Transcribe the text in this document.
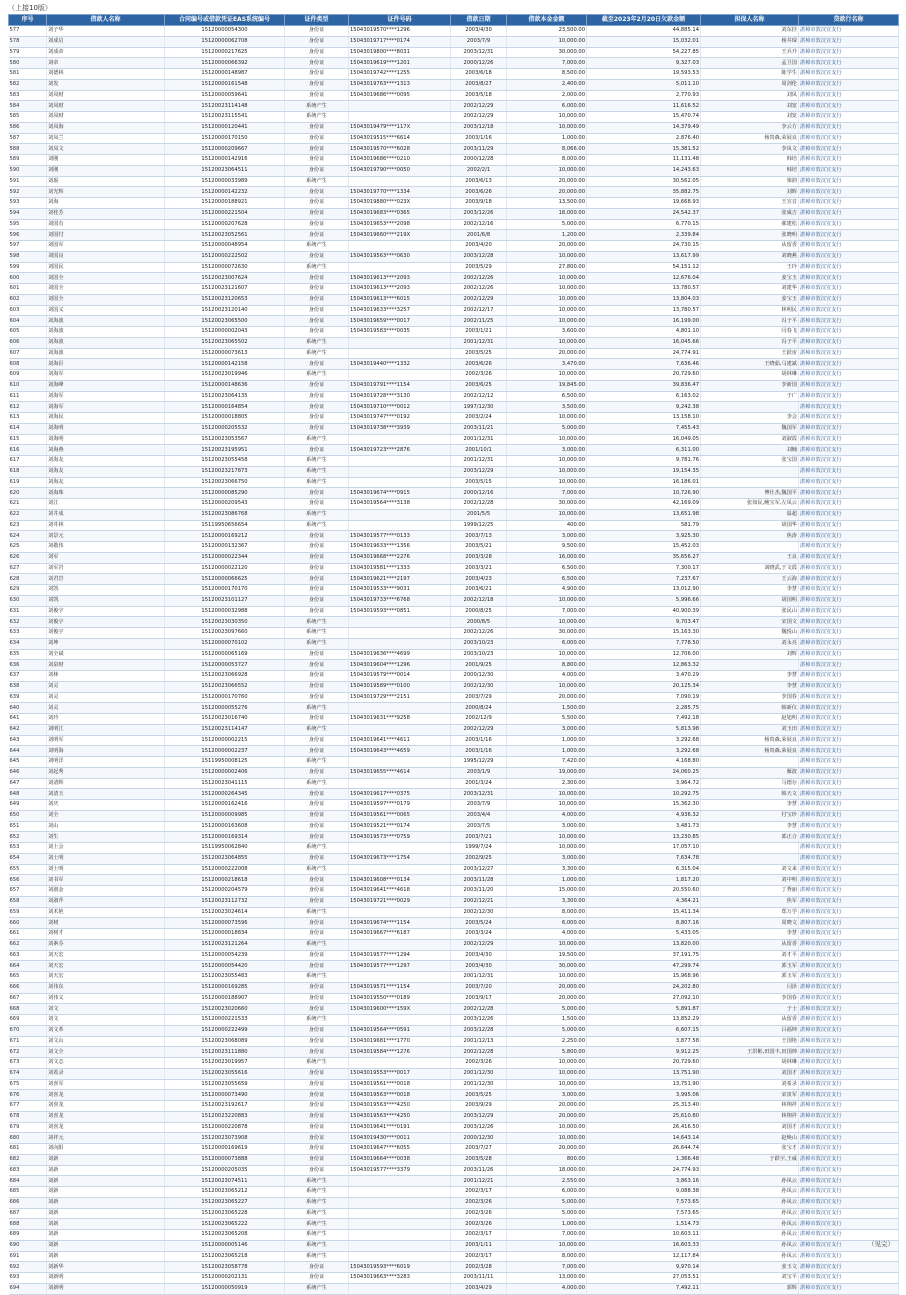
（上接10版）
序号	借款人名称	合同编号或借款凭证EAS系统编号	证件类型	证件号码	借款日期	借款本金金额	截至2023年2月20日欠款金额	担保人名称	贷款行名称
577	刘子华	15120000054300	身份证	15043019570****1296	2003/4/30	23,500.00	44,885.14	刘东挂	湛樟市敦汉宣支行
578	刘成启	15120000062708	身份证	15043019717****0174	2003/7/9	10,000.00	15,032.01	杨井琛	湛樟市敦汉宣支行
579	刘成帝	15120000217625	身份证	15043019800****8031	2003/12/31	30,000.00	54,227.85	王兵升	湛樟市敦汉宣支行
580	刘帝	15120000066392	身份证	15043019619****1201	2000/12/26	7,000.00	9,327.03	孟卫国	湛樟市敦汉宣支行
581	刘德林	15120000148987	身份证	15043019742****1255	2003/6/18	8,500.00	19,593.53	陈学生	湛樟市敦汉宣支行
582	刘发	15120000161548	身份证	15043019763****1313	2003/8/27	2,400.00	5,011.10	周剑伦	湛樟市敦汉宣支行
583	刘凤财	15120000059641	身份证	15043019686****0095	2003/5/18	2,000.00	2,770.93	刘凤	湛樟市敦汉宣支行
584	刘凤财	15120023114148	系统产生		2002/12/29	6,000.00	11,616.52	刘宽	湛樟市敦汉宣支行
585	刘凤财	15120023115541	系统产生		2002/12/29	10,000.00	15,470.74	刘宽	湛樟市敦汉宣支行
586	刘凤海	15120000120441	身份证	15043019479****117X	2003/12/18	10,000.00	14,379.49	李云方	湛樟市敦汉宣支行
587	刘凤兰	15120000170150	身份证	15043019515****6614	2003/1/16	1,000.00	2,876.40	杨贵森,荣展良	湛樟市敦汉宣支行
588	刘凤文	15120000209667	身份证	15043019570****6028	2003/11/29	8,066.00	15,381.52	李凤文	湛樟市敦汉宣支行
589	刘刚	15120000142916	身份证	15043019686****0210	2000/12/28	8,000.00	11,131.48	韩培	湛樟市敦汉宣支行
590	刘刚	15120023064511	身份证	15043019790****0050	2002/2/1	10,000.00	14,243.63	韩培	湛樟市敦汉宣支行
591	刘琨	15120000033989	系统产生		2003/6/13	20,000.00	30,562.05	梁润	湛樟市敦汉宣支行
592	刘光辉	15120000142232	身份证	15043019770****1334	2003/6/26	20,000.00	35,882.75	刘晖	湛樟市敦汉宣支行
593	刘海	15120000188921	身份证	15043019880****023X	2003/9/18	13,500.00	19,668.93	王宣音	湛樟市敦汉宣支行
594	刘桂芳	15120000221504	身份证	15043019683****0365	2003/12/26	18,000.00	24,542.37	张威吉	湛樟市敦汉宣支行
595	刘国有	15120000207628	身份证	15043019653****2098	2002/12/16	5,000.00	6,770.15	郝建松	湛樟市敦汉宣支行
596	刘国付	15120023052561	身份证	15043019660****219X	2001/6/8	1,200.00	2,339.84	张晓明	湛樟市敦汉宣支行
597	刘国军	15120000048954	系统产生		2003/4/20	20,000.00	24,730.15	从留香	湛樟市敦汉宣支行
598	刘国良	15120000222502	身份证	15043019563****0630	2003/12/28	10,000.00	13,617.99	刘晓燕	湛樟市敦汉宣支行
599	刘国民	15120000072630	系统产生		2003/5/29	27,800.00	54,151.12	王玲	湛樟市敦汉宣支行
600	刘国全	15120023007624	身份证	15043019613****2093	2002/12/26	10,000.00	12,676.04	姜宝玉	湛樟市敦汉宣支行
601	刘国全	15120023121607	身份证	15043019613****2093	2002/12/26	10,000.00	13,780.57	刘建华	湛樟市敦汉宣支行
602	刘国全	15120023120653	身份证	15043019613****6015	2002/12/29	10,000.00	13,804.03	姜宝玉	湛樟市敦汉宣支行
603	刘国义	15120023120140	身份证	15043019633****3257	2002/12/17	10,000.00	13,780.57	林明民	湛樟市敦汉宣支行
604	刘海波	15120023065500	身份证	15043019659****0017	2002/11/25	10,000.00	16,199.00	冯子平	湛樟市敦汉宣支行
605	刘海波	15120000002043	身份证	15043019583****0035	2003/1/21	3,600.00	4,801.10	闫春飞	湛樟市敦汉宣支行
606	刘海波	15120023065502	系统产生		2001/12/31	10,000.00	16,045.66	冯子平	湛樟市敦汉宣支行
607	刘海波	15120000073613	系统产生		2003/5/25	20,000.00	24,774.91	王跃宙	湛樟市敦汉宣支行
608	刘海臣	15120000142158	身份证	15043019440****1332	2003/6/26	3,470.00	7,636.46	王晓茹,马建斌	湛樟市敦汉宣支行
609	刘海军	15120023019946	系统产生		2002/3/26	10,000.00	20,729.60	胡林琳	湛樟市敦汉宣支行
610	刘海峰	15120000148636	身份证	15043019791****1154	2003/6/25	19,845.00	39,836.47	李新国	湛樟市敦汉宣支行
611	刘海军	15120023064135	身份证	15043019728****3130	2002/12/12	6,500.00	6,163.02	于广	湛樟市敦汉宣支行
612	刘海军	15120000164854	身份证	15043019710****0012	1997/12/30	3,500.00	9,242.38		湛樟市敦汉宣支行
613	刘海民	15120000018805	身份证	15043019747****0192	2003/2/24	10,000.00	13,158.10	李会	湛樟市敦汉宣支行
614	刘海明	15120000205532	身份证	15043019738****3939	2003/11/21	5,000.00	7,455.43	魏国军	湛樟市敦汉宣支行
615	刘海明	15120023053567	系统产生		2001/12/31	10,000.00	16,049.05	刘淑霞	湛樟市敦汉宣支行
616	刘海燕	15120023195951	身份证	15043019723****2876	2001/10/1	3,000.00	6,311.00	刘楠	湛樟市敦汉宣支行
617	刘海友	15120023055458	系统产生		2001/12/31	10,000.00	9,781.76	张宝国	湛樟市敦汉宣支行
618	刘海友	15120023217873	系统产生		2003/12/29	10,000.00	19,154.35		湛樟市敦汉宣支行
619	刘海友	15120023066750	系统产生		2003/5/15	10,000.00	16,186.01		湛樟市敦汉宣支行
620	刘海珠	15120000085290	身份证	15043019674****0915	2000/12/16	7,000.00	10,726.90	博仕杰,魏国平	湛樟市敦汉宣支行
621	刘江	15120000209543	身份证	15043019564****3138	2002/12/28	30,000.00	42,169.09	张如民,鲍宝军,左凤云	湛樟市敦汉宣支行
622	刘井成	15120023086768	系统产生		2001/5/5	10,000.00	13,651.98	温超	湛樟市敦汉宣支行
623	刘井林	15119950656654	系统产生		1999/12/25	400.00	581.79	胡国华	湛樟市敦汉宣支行
624	刘景元	15120000169212	身份证	15043019577****0133	2003/7/13	3,000.00	3,925.30	焦涛	湛樟市敦汉宣支行
625	刘敬伟	15120000132367	身份证	15043019633****1356	2003/5/21	9,500.00	15,452.03		湛樟市敦汉宣支行
626	刘军	15120000022344	身份证	15043019668****2276	2003/3/28	16,000.00	35,656.27	王良	湛樟市敦汉宣支行
627	刘军岩	15120000022120	身份证	15043019581****1333	2003/3/21	6,500.00	7,300.17	刘晓武,于文霞	湛樟市敦汉宣支行
628	刘君岩	15120000066625	身份证	15043019621****2197	2003/4/23	6,500.00	7,237.67	王云海	湛樟市敦汉宣支行
629	刘凯	15120000170170	身份证	15043019533****9031	2003/6/21	4,900.00	13,012.90	李慧	湛樟市敦汉宣支行
630	刘凯	15120023101127	身份证	15043019733****6768	2002/12/18	10,000.00	5,996.66	胡国明	湛樟市敦汉宣支行
631	刘俊宇	15120000032988	身份证	15043019593****0851	2000/8/25	7,000.00	40,900.39	张民山	湛樟市敦汉宣支行
632	刘俊宇	15120023030350	系统产生		2000/8/5	10,000.00	9,703.47	宋国文	湛樟市敦汉宣支行
633	刘俊宇	15120023097660	系统产生		2002/12/26	30,000.00	15,163.30	魏悦山	湛樟市敦汉宣支行
634	刘坤	15120000070102	系统产生		2003/10/23	6,000.00	7,778.50	刘永亮	湛樟市敦汉宣支行
635	刘全斌	15120000065169	身份证	15043019636****4699	2003/10/23	10,000.00	12,706.00	刘辉	湛樟市敦汉宣支行
636	刘泉财	15120000053727	身份证	15043019604****1296	2001/9/25	8,800.00	12,863.32		湛樟市敦汉宣支行
637	刘林	15120023066928	身份证	15043019579****0014	2000/12/30	4,000.00	3,470.29	李慧	湛樟市敦汉宣支行
638	刘灵	15120023066552	身份证	15043019589****0100	2002/12/30	10,000.00	20,125.34	李慧	湛樟市敦汉宣支行
639	刘灵	15120000170760	身份证	15043019729****2151	2003/7/29	20,000.00	7,090.19	李国春	湛樟市敦汉宣支行
640	刘灵	15120000055276	系统产生		2000/8/24	1,500.00	2,285.75	韩新仪	湛樟市敦汉宣支行
641	刘玲	15120023016740	身份证	15043019631****9258	2002/12/9	5,500.00	7,492.18	赵旭明	湛樟市敦汉宣支行
642	刘明江	15120023114147	系统产生		2002/12/29	3,000.00	5,813.98	刘玉田	湛樟市敦汉宣支行
643	刘明军	15120000002215	身份证	15043019641****4611	2003/1/16	1,000.00	3,292.68	杨贵森,荣展良	湛樟市敦汉宣支行
644	刘明海	15120000002237	身份证	15043019643****4659	2003/1/16	1,000.00	3,292.68	杨贵森,荣展良	湛樟市敦汉宣支行
645	刘明洋	15119950008125	系统产生		1995/12/29	7,420.00	4,168.80		湛樟市敦汉宣支行
646	刘起秀	15120000002406	身份证	15043019655****4614	2003/1/9	19,000.00	24,060.25	雁波	湛樟市敦汉宣支行
647	刘清辉	15120023041115	系统产生		2001/3/24	2,300.00	3,964.72	马德存	湛樟市敦汉宣支行
648	刘清玉	15120000264345	身份证	15043019617****0375	2003/12/31	10,000.00	10,292.75	韩天文	湛樟市敦汉宣支行
649	刘庆	15120000162416	身份证	15043019597****0179	2003/7/9	10,000.00	15,362.30	李慧	湛樟市敦汉宣支行
650	刘全	15120000009985	身份证	15043019561****0065	2003/4/4	4,000.00	4,936.32	付宝珍	湛樟市敦汉宣支行
651	刘山	15120000163608	身份证	15043019521****0174	2003/7/5	3,000.00	3,481.73	李慧	湛樟市敦汉宣支行
652	刘生	15120000169314	身份证	15043019573****0759	2003/7/21	10,000.00	13,230.85	郭正合	湛樟市敦汉宣支行
653	刘士会	15119950062840	系统产生		1999/7/24	10,000.00	17,057.10		湛樟市敦汉宣支行
654	刘士明	15120023064855	身份证	15043019673****1754	2002/9/25	3,000.00	7,634.78		湛樟市敦汉宣支行
655	刘士明	15120000222008	系统产生		2003/12/27	3,300.00	6,315.04	刘文来	湛樟市敦汉宣支行
656	刘书军	15120000218618	身份证	15043019608****0134	2003/11/28	1,000.00	1,817.20	刘中明	湛樟市敦汉宣支行
657	刘淑金	15120000204579	身份证	15043019641****4618	2003/11/20	15,000.00	20,550.60	丁秀丽	湛樟市敦汉宣支行
658	刘淑芹	15120023112732	身份证	15043019721****0029	2002/12/21	3,300.00	4,364.21	焦军	湛樟市敦汉宣支行
659	刘术艳	15120023024614	系统产生		2002/12/30	8,000.00	15,411.34	郑万学	湛樟市敦汉宣支行
660	刘树	15120000073596	身份证	15043019674****1154	2003/5/24	6,000.00	8,807.16	周晓文	湛樟市敦汉宣支行
661	刘树才	15120000018834	身份证	15043019667****6187	2003/3/24	4,000.00	5,433.05	李慧	湛樟市敦汉宣支行
662	刘素芬	15120023121264	系统产生		2002/12/29	10,000.00	13,820.00	从留香	湛樟市敦汉宣支行
663	刘天宏	15120000054239	身份证	15043019577****1294	2003/4/30	19,500.00	37,191.75	刘才平	湛樟市敦汉宣支行
664	刘天宏	15120000054420	身份证	15043019577****1297	2003/4/30	30,000.00	47,299.74	郭玉军	湛樟市敦汉宣支行
665	刘天宏	15120023055483	系统产生		2001/12/31	10,000.00	15,968.96	郭玉军	湛樟市敦汉宣支行
666	刘伟东	15120000169285	身份证	15043019571****1154	2003/7/20	20,000.00	24,202.80	闫泽	湛樟市敦汉宣支行
667	刘伟义	15120000188907	身份证	15043019550****0189	2003/9/17	20,000.00	27,092.10	李国春	湛樟市敦汉宣支行
668	刘文	15120023020660	身份证	15043019600****159X	2002/12/28	5,000.00	5,891.87	于士	湛樟市敦汉宣支行
669	刘文	15120000221533	系统产生		2003/12/26	1,500.00	13,852.29	从留香	湛樟市敦汉宣支行
670	刘文革	15120000222499	身份证	15043019564****0591	2003/12/28	5,000.00	6,607.15	吕福坤	湛樟市敦汉宣支行
671	刘文山	15120023068089	身份证	15043019681****1770	2001/12/13	2,250.00	3,877.58	王国艳	湛樟市敦汉宣支行
672	刘文全	15120023111880	身份证	15043019584****1276	2002/12/28	5,800.00	9,912.25	王洪彬,田国丰,田国帅	湛樟市敦汉宣支行
673	刘文志	15120023019957	系统产生		2002/3/26	10,000.00	20,729.60	胡林琳	湛樟市敦汉宣支行
674	刘希录	15120023055616	身份证	15043019553****0017	2001/12/30	10,000.00	13,751.90	刘国才	湛樟市敦汉宣支行
675	刘喜军	15120023055659	身份证	15043019561****0018	2001/12/30	10,000.00	13,751.90	刘希录	湛樟市敦汉宣支行
676	刘喜龙	15120000073490	身份证	15043019563****0018	2003/5/25	3,000.00	3,995.06	宋寅军	湛樟市敦汉宣支行
677	刘喜龙	15120023192617	身份证	15043019563****4250	2003/9/29	20,000.00	25,313.40	林翔祥	湛樟市敦汉宣支行
678	刘喜龙	15120023220883	身份证	15043019563****4250	2003/12/29	20,000.00	25,610.80	林翔祥	湛樟市敦汉宣支行
679	刘喜龙	15120000220878	身份证	15043019641****0191	2003/12/26	10,000.00	26,416.50	刘国才	湛樟市敦汉宣支行
680	刘祥元	15120023073908	身份证	15043019430****0011	2000/12/30	10,000.00	14,643.14	赵焕山	湛樟市敦汉宣支行
681	刘向阳	15120000169619	身份证	15043019647****6055	2003/7/27	20,000.00	26,644.74	张宝才	湛樟市敦汉宣支行
682	刘新	15120000073888	身份证	15043019664****0038	2003/5/28	800.00	1,366.48	于跃宇,王威	湛樟市敦汉宣支行
683	刘新	15120000205035	身份证	15043019577****3379	2003/11/26	18,000.00	24,774.93		湛樟市敦汉宣支行
684	刘新	15120023074511	系统产生		2001/12/21	2,550.00	3,863.16	孙凤云	湛樟市敦汉宣支行
685	刘新	15120023065212	系统产生		2002/3/17	6,000.00	9,088.38	孙凤云	湛樟市敦汉宣支行
686	刘新	15120023065227	系统产生		2002/3/26	5,000.00	7,573.65	孙凤云	湛樟市敦汉宣支行
687	刘新	15120023065228	系统产生		2002/3/26	5,000.00	7,573.65	孙凤云	湛樟市敦汉宣支行
688	刘新	15120023065222	系统产生		2002/3/26	1,000.00	1,514.73	孙凤云	湛樟市敦汉宣支行
689	刘新	15120023065208	系统产生		2002/3/17	7,000.00	10,603.11	孙凤云	湛樟市敦汉宣支行
690	刘新	15120000005146	系统产生		2003/1/11	10,000.00	16,603.33	孙凤云	湛樟市敦汉宣支行
691	刘新	15120023065218	系统产生		2002/3/17	8,000.00	12,117.84	孙凤云	湛樟市敦汉宣支行
692	刘新华	15120023058778	身份证	15043019593****6019	2002/3/28	7,000.00	9,970.14	姜玉文	湛樟市敦汉宣支行
693	刘新明	15120000202131	身份证	15043019663****3283	2003/11/11	13,000.00	27,053.51	刘宝平	湛樟市敦汉宣支行
694	刘新明	15120000050919	系统产生		2003/4/29	4,000.00	7,492.11	郭辉	湛樟市敦汉宣支行
（见完）
